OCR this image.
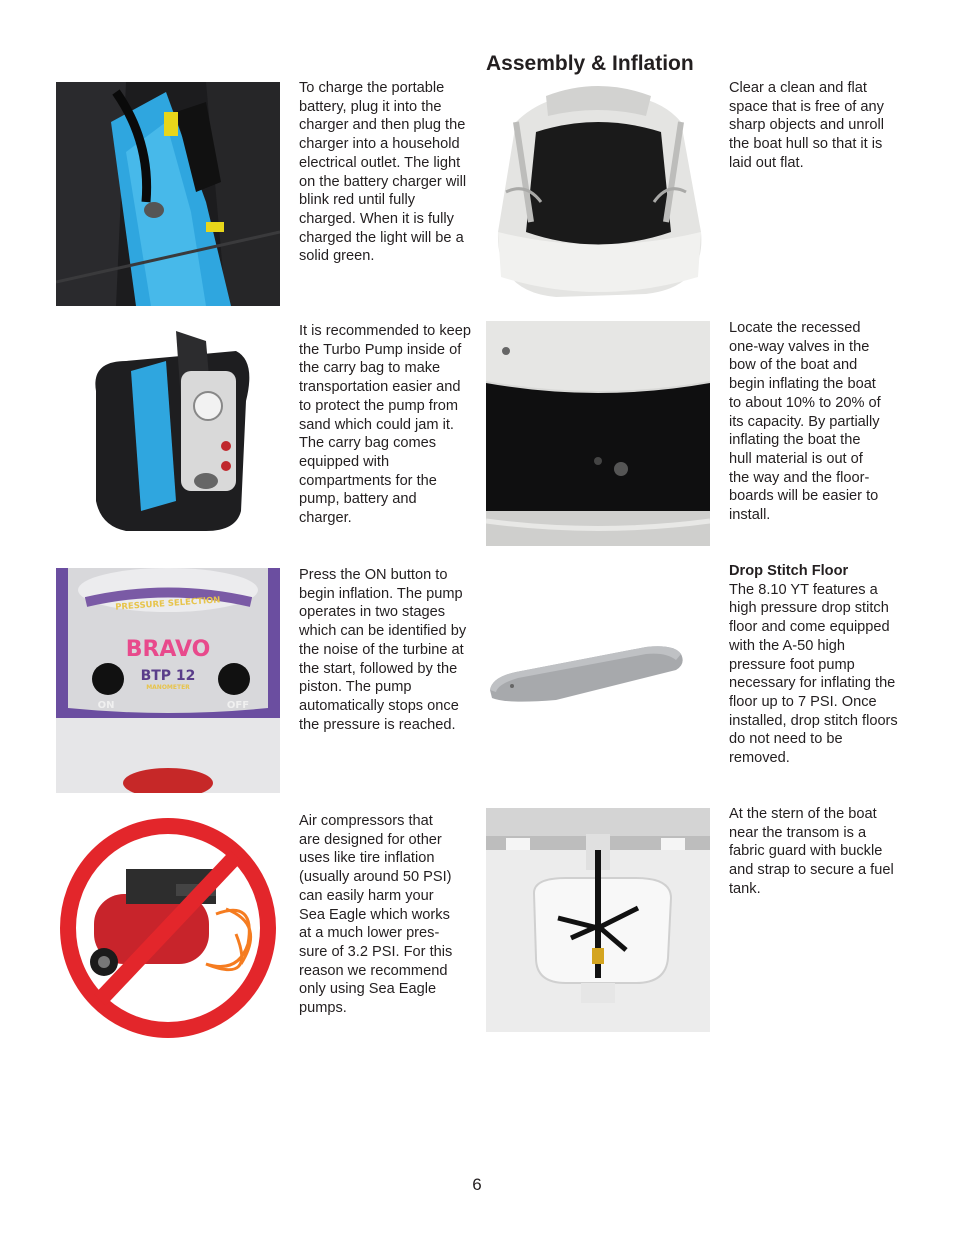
Assembly & Inflation

To charge the portable battery, plug it into the charger and then plug the charger into a household electrical outlet. The light on the battery charger will blink red until fully charged. When it is fully charged the light will be a solid green.

It is recommended to keep the Turbo Pump inside of the carry bag to make transportation easier and to protect the pump from sand which could jam it. The carry bag comes equipped with compartments for the pump, battery and charger.

PRESSURE SELECTION
BRAVO
BTP 12
MANOMETER
ON	OFF

Press the ON button to begin inflation. The pump operates in two stages which can be identified by the noise of the turbine at the start, followed by the piston. The pump automatically stops once the pressure is reached.

Air compressors that
are designed for other
uses like tire inflation
(usually around 50 PSI)
can easily harm your
Sea Eagle which works
at a much lower pres-
sure of 3.2 PSI. For this
reason we recommend
only using Sea Eagle
pumps.

Clear a clean and flat space that is free of any sharp objects and unroll the boat hull so that it is laid out flat.

Locate the recessed
one-way valves in the
bow of the boat and
begin inflating the boat
to about 10% to 20% of
its capacity. By partially
inflating the boat the
hull material is out of
the way and the floor-
boards will be easier to
install.

Drop Stitch Floor
The 8.10 YT features a high pressure drop stitch floor and come equipped with the A-50 high pressure foot pump necessary for inflating the floor up to 7 PSI. Once installed, drop stitch floors do not need to be removed.

At the stern of the boat near the transom is a fabric guard with buckle and strap to secure a fuel tank.

6
